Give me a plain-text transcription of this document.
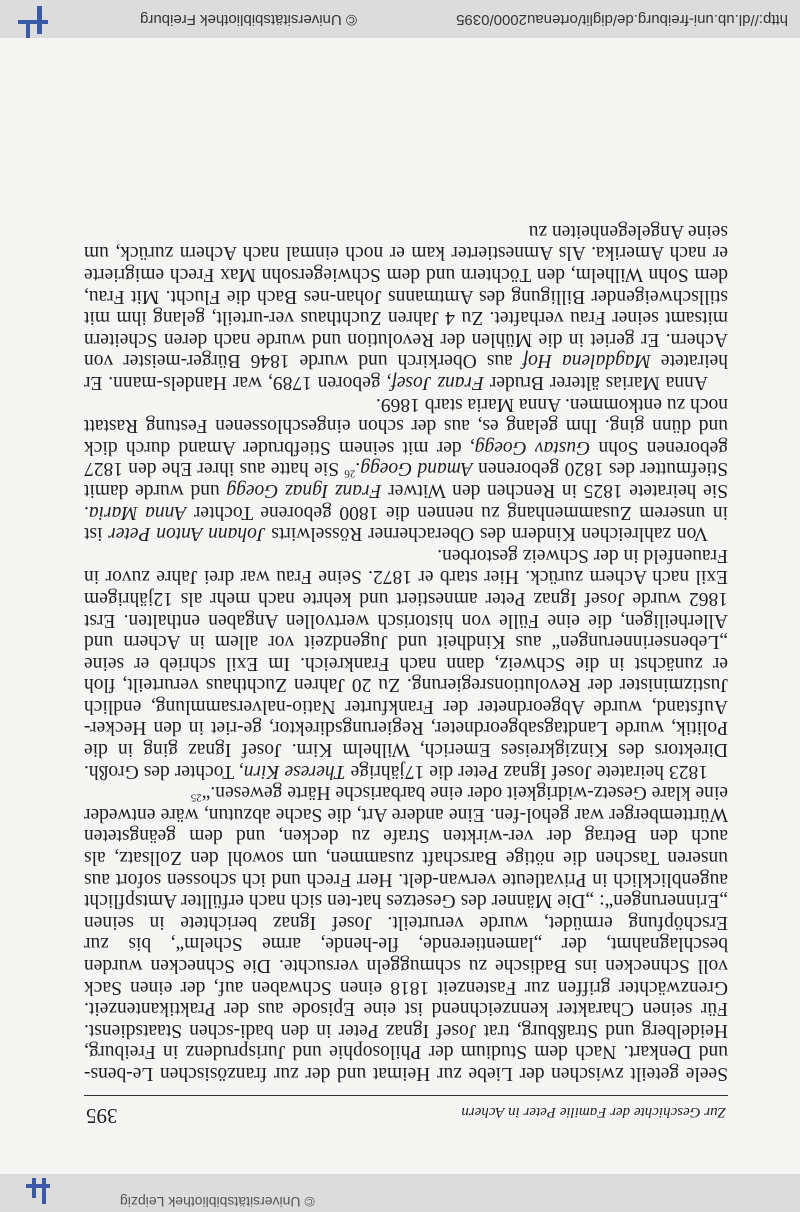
© Universitätsbibliothek Leipzig
395	Zur Geschichte der Familie Peter in Achern

Seele geteilt zwischen der Liebe zur Heimat und der zur französischen Le-bens- und Denkart. Nach dem Studium der Philosophie und Jurisprudenz in Freiburg, Heidelberg und Straßburg, trat Josef Ignaz Peter in den badi-schen Staatsdienst. Für seinen Charakter kennzeichnend ist eine Episode aus der Praktikantenzeit. Grenzwächter griffen zur Fastenzeit 1818 einen Schwaben auf, der einen Sack voll Schnecken ins Badische zu schmuggeln versuchte. Die Schnecken wurden beschlagnahmt, der „lamentierende, fle-hende, arme Schelm“, bis zur Erschöpfung ermüdet, wurde verurteilt. Josef Ignaz berichtete in seinen „Erinnerungen“: „Die Männer des Gesetzes hat-ten sich nach erfüllter Amtspflicht augenblicklich in Privatleute verwan-delt. Herr Frech und ich schossen sofort aus unseren Taschen die nötige Barschaft zusammen, um sowohl den Zollsatz, als auch den Betrag der ver-wirkten Strafe zu decken, und dem geängsteten Württemberger war gehol-fen. Eine andere Art, die Sache abzutun, wäre entweder eine klare Gesetz-widrigkeit oder eine barbarische Härte gewesen.“$^{25}$

1823 heiratete Josef Ignaz Peter die 17jährige Therese Kirn, Tochter des Großh. Direktors des Kinzigkreises Emerich, Wilhelm Kirn. Josef Ignaz ging in die Politik, wurde Landtagsabgeordneter, Regierungsdirektor, ge-riet in den Hecker-Aufstand, wurde Abgeordneter der Frankfurter Natio-nalversammlung, endlich Justizminister der Revolutionsregierung. Zu 20 Jahren Zuchthaus verurteilt, floh er zunächst in die Schweiz, dann nach Frankreich. Im Exil schrieb er seine „Lebenserinnerungen“ aus Kindheit und Jugendzeit vor allem in Achern und Allerheiligen, die eine Fülle von historisch wertvollen Angaben enthalten. Erst 1862 wurde Josef Ignaz Peter amnestiert und kehrte nach mehr als 12jährigem Exil nach Achern zurück. Hier starb er 1872. Seine Frau war drei Jahre zuvor in Frauenfeld in der Schweiz gestorben.

Von zahlreichen Kindern des Oberacherner Rösselwirts Johann Anton Peter ist in unserem Zusammenhang zu nennen die 1800 geborene Tochter Anna Maria. Sie heiratete 1825 in Renchen den Witwer Franz Ignaz Goegg und wurde damit Stiefmutter des 1820 geborenen Amand Goegg.$^{26}$ Sie hatte aus ihrer Ehe den 1827 geborenen Sohn Gustav Goegg, der mit seinem Stiefbruder Amand durch dick und dünn ging. Ihm gelang es, aus der schon eingeschlossenen Festung Rastatt noch zu entkommen. Anna Maria starb 1869.

Anna Marias älterer Bruder Franz Josef, geboren 1789, war Handels-mann. Er heiratete Magdalena Hof aus Oberkirch und wurde 1846 Bürger-meister von Achern. Er geriet in die Mühlen der Revolution und wurde nach deren Scheitern mitsamt seiner Frau verhaftet. Zu 4 Jahren Zuchthaus ver-urteilt, gelang ihm mit stillschweigender Billigung des Amtmanns Johan-nes Bach die Flucht. Mit Frau, dem Sohn Wilhelm, den Töchtern und dem Schwiegersohn Max Frech emigrierte er nach Amerika. Als Amnestierter kam er noch einmal nach Achern zurück, um seine Angelegenheiten zu

http://dl.ub.uni-freiburg.de/diglit/ortenau2000/0395
© Universitätsbibliothek Freiburg
